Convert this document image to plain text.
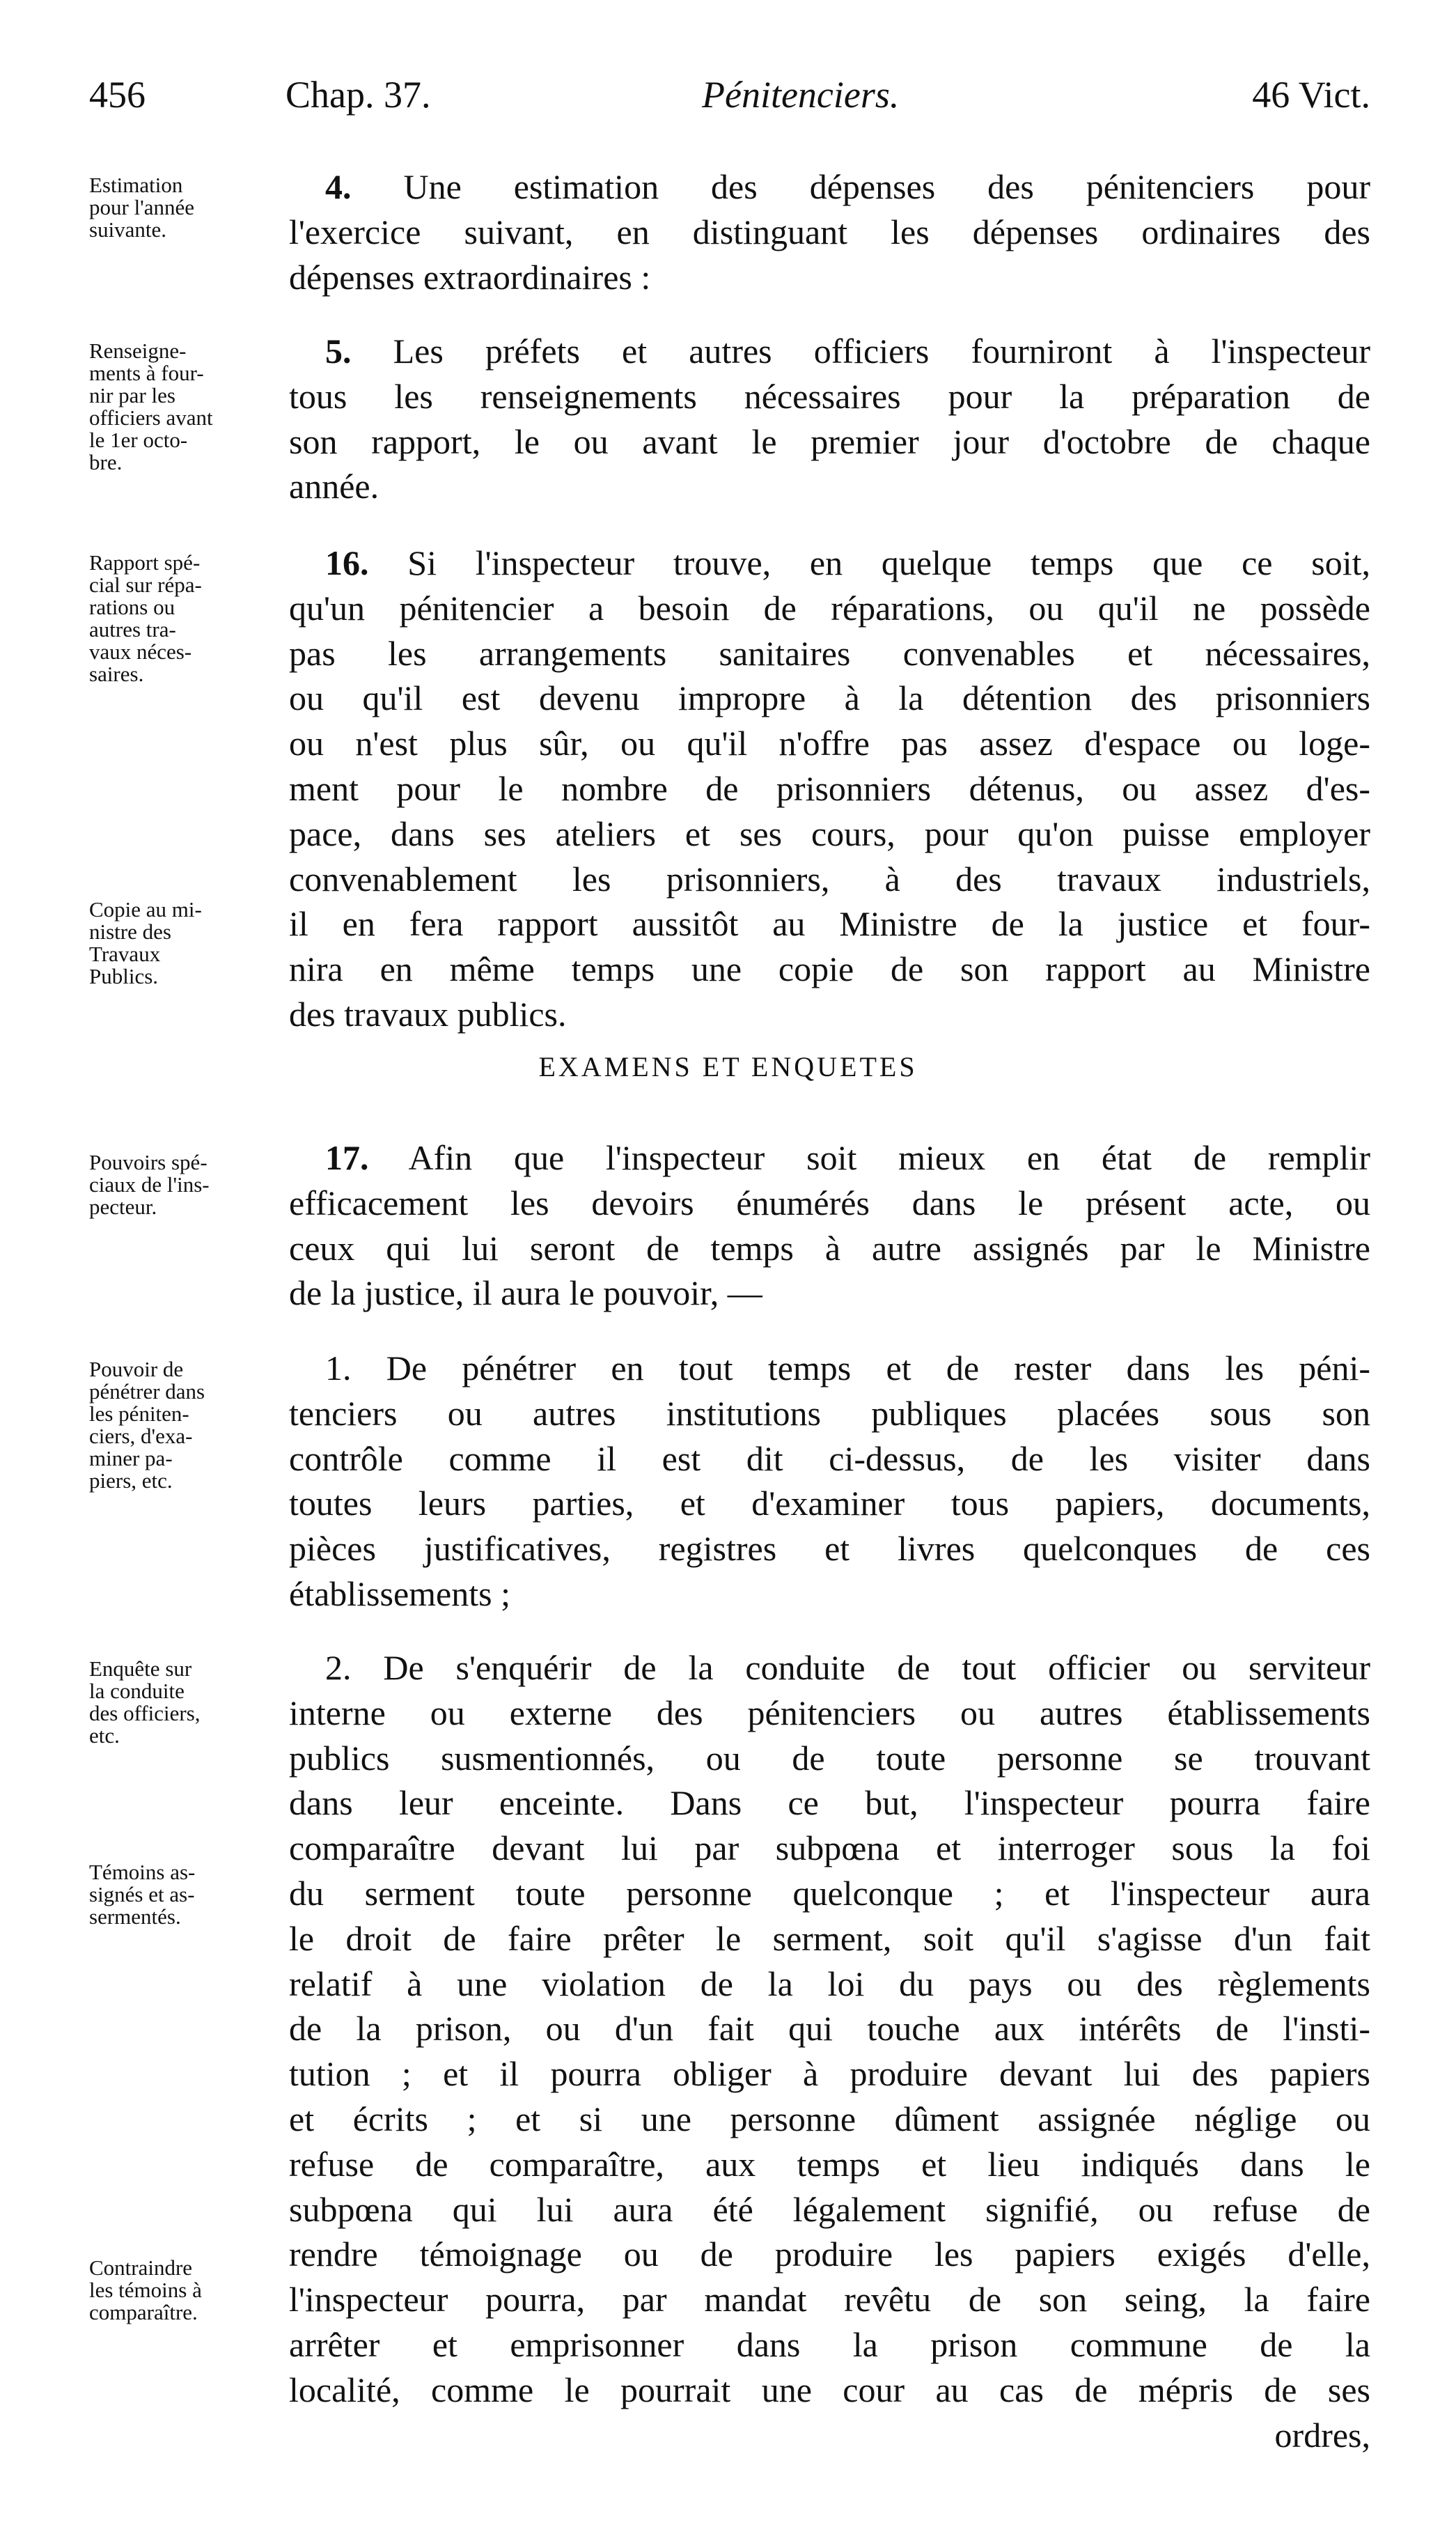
456	Chap. 37.	Pénitenciers.	46 Vict.
Estimation
pour l'année
suivante.
Renseigne-
ments à four-
nir par les
officiers avant
le 1er octo-
bre.
Rapport spé-
cial sur répa-
rations ou
autres tra-
vaux néces-
saires.
Copie au mi-
nistre des
Travaux
Publics.
Pouvoirs spé-
ciaux de l'ins-
pecteur.
Pouvoir de
pénétrer dans
les péniten-
ciers, d'exa-
miner pa-
piers, etc.
Enquête sur
la conduite
des officiers,
etc.
Témoins as-
signés et as-
sermentés.
Contraindre
les témoins à
comparaître.
4. Une estimation des dépenses des pénitenciers pour
l'exercice suivant, en distinguant les dépenses ordinaires des
dépenses extraordinaires :
5. Les préfets et autres officiers fourniront à l'inspecteur
tous les renseignements nécessaires pour la préparation de
son rapport, le ou avant le premier jour d'octobre de chaque
année.
16. Si l'inspecteur trouve, en quelque temps que ce soit,
qu'un pénitencier a besoin de réparations, ou qu'il ne possède
pas les arrangements sanitaires convenables et nécessaires,
ou qu'il est devenu impropre à la détention des prisonniers
ou n'est plus sûr, ou qu'il n'offre pas assez d'espace ou loge-
ment pour le nombre de prisonniers détenus, ou assez d'es-
pace, dans ses ateliers et ses cours, pour qu'on puisse employer
convenablement les prisonniers, à des travaux industriels,
il en fera rapport aussitôt au Ministre de la justice et four-
nira en même temps une copie de son rapport au Ministre
des travaux publics.
EXAMENS ET ENQUETES
17. Afin que l'inspecteur soit mieux en état de remplir
efficacement les devoirs énumérés dans le présent acte, ou
ceux qui lui seront de temps à autre assignés par le Ministre
de la justice, il aura le pouvoir, —
1. De pénétrer en tout temps et de rester dans les péni-
tenciers ou autres institutions publiques placées sous son
contrôle comme il est dit ci-dessus, de les visiter dans
toutes leurs parties, et d'examiner tous papiers, documents,
pièces justificatives, registres et livres quelconques de ces
établissements ;
2. De s'enquérir de la conduite de tout officier ou serviteur
interne ou externe des pénitenciers ou autres établissements
publics susmentionnés, ou de toute personne se trouvant
dans leur enceinte. Dans ce but, l'inspecteur pourra faire
comparaître devant lui par subpœna et interroger sous la foi
du serment toute personne quelconque ; et l'inspecteur aura
le droit de faire prêter le serment, soit qu'il s'agisse d'un fait
relatif à une violation de la loi du pays ou des règlements
de la prison, ou d'un fait qui touche aux intérêts de l'insti-
tution ; et il pourra obliger à produire devant lui des papiers
et écrits ; et si une personne dûment assignée néglige ou
refuse de comparaître, aux temps et lieu indiqués dans le
subpœna qui lui aura été légalement signifié, ou refuse de
rendre témoignage ou de produire les papiers exigés d'elle,
l'inspecteur pourra, par mandat revêtu de son seing, la faire
arrêter et emprisonner dans la prison commune de la
localité, comme le pourrait une cour au cas de mépris de ses
ordres,
